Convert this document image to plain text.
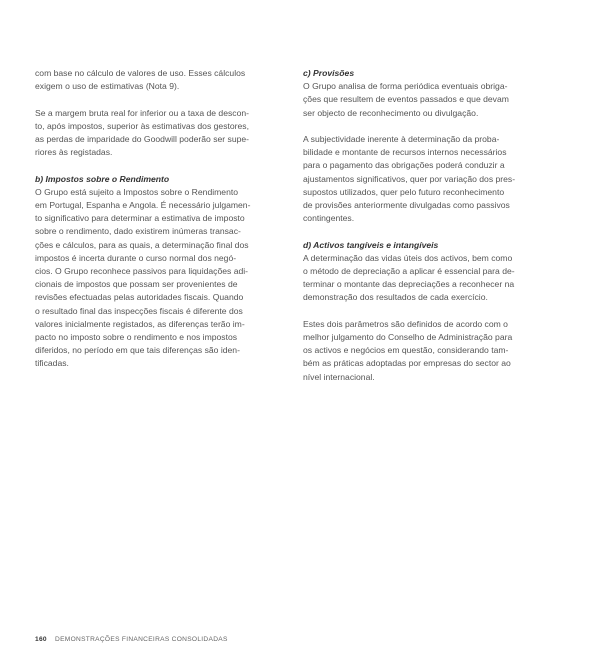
com base no cálculo de valores de uso. Esses cálculos
exigem o uso de estimativas (Nota 9).

Se a margem bruta real for inferior ou a taxa de descon-
to, após impostos, superior às estimativas dos gestores,
as perdas de imparidade do Goodwill poderão ser supe-
riores às registadas.

b) Impostos sobre o Rendimento

O Grupo está sujeito a Impostos sobre o Rendimento
em Portugal, Espanha e Angola. É necessário julgamen-
to significativo para determinar a estimativa de imposto
sobre o rendimento, dado existirem inúmeras transac-
ções e cálculos, para as quais, a determinação final dos
impostos é incerta durante o curso normal dos negó-
cios. O Grupo reconhece passivos para liquidações adi-
cionais de impostos que possam ser provenientes de
revisões efectuadas pelas autoridades fiscais. Quando
o resultado final das inspecções fiscais é diferente dos
valores inicialmente registados, as diferenças terão im-
pacto no imposto sobre o rendimento e nos impostos
diferidos, no período em que tais diferenças são iden-
tificadas.

c) Provisões

O Grupo analisa de forma periódica eventuais obriga-
ções que resultem de eventos passados e que devam
ser objecto de reconhecimento ou divulgação.

A subjectividade inerente à determinação da proba-
bilidade e montante de recursos internos necessários
para o pagamento das obrigações poderá conduzir a
ajustamentos significativos, quer por variação dos pres-
supostos utilizados, quer pelo futuro reconhecimento
de provisões anteriormente divulgadas como passivos
contingentes.

d) Activos tangíveis e intangíveis

A determinação das vidas úteis dos activos, bem como
o método de depreciação a aplicar é essencial para de-
terminar o montante das depreciações a reconhecer na
demonstração dos resultados de cada exercício.

Estes dois parâmetros são definidos de acordo com o
melhor julgamento do Conselho de Administração para
os activos e negócios em questão, considerando tam-
bém as práticas adoptadas por empresas do sector ao
nível internacional.

160 DEMONSTRAÇÕES FINANCEIRAS CONSOLIDADAS
